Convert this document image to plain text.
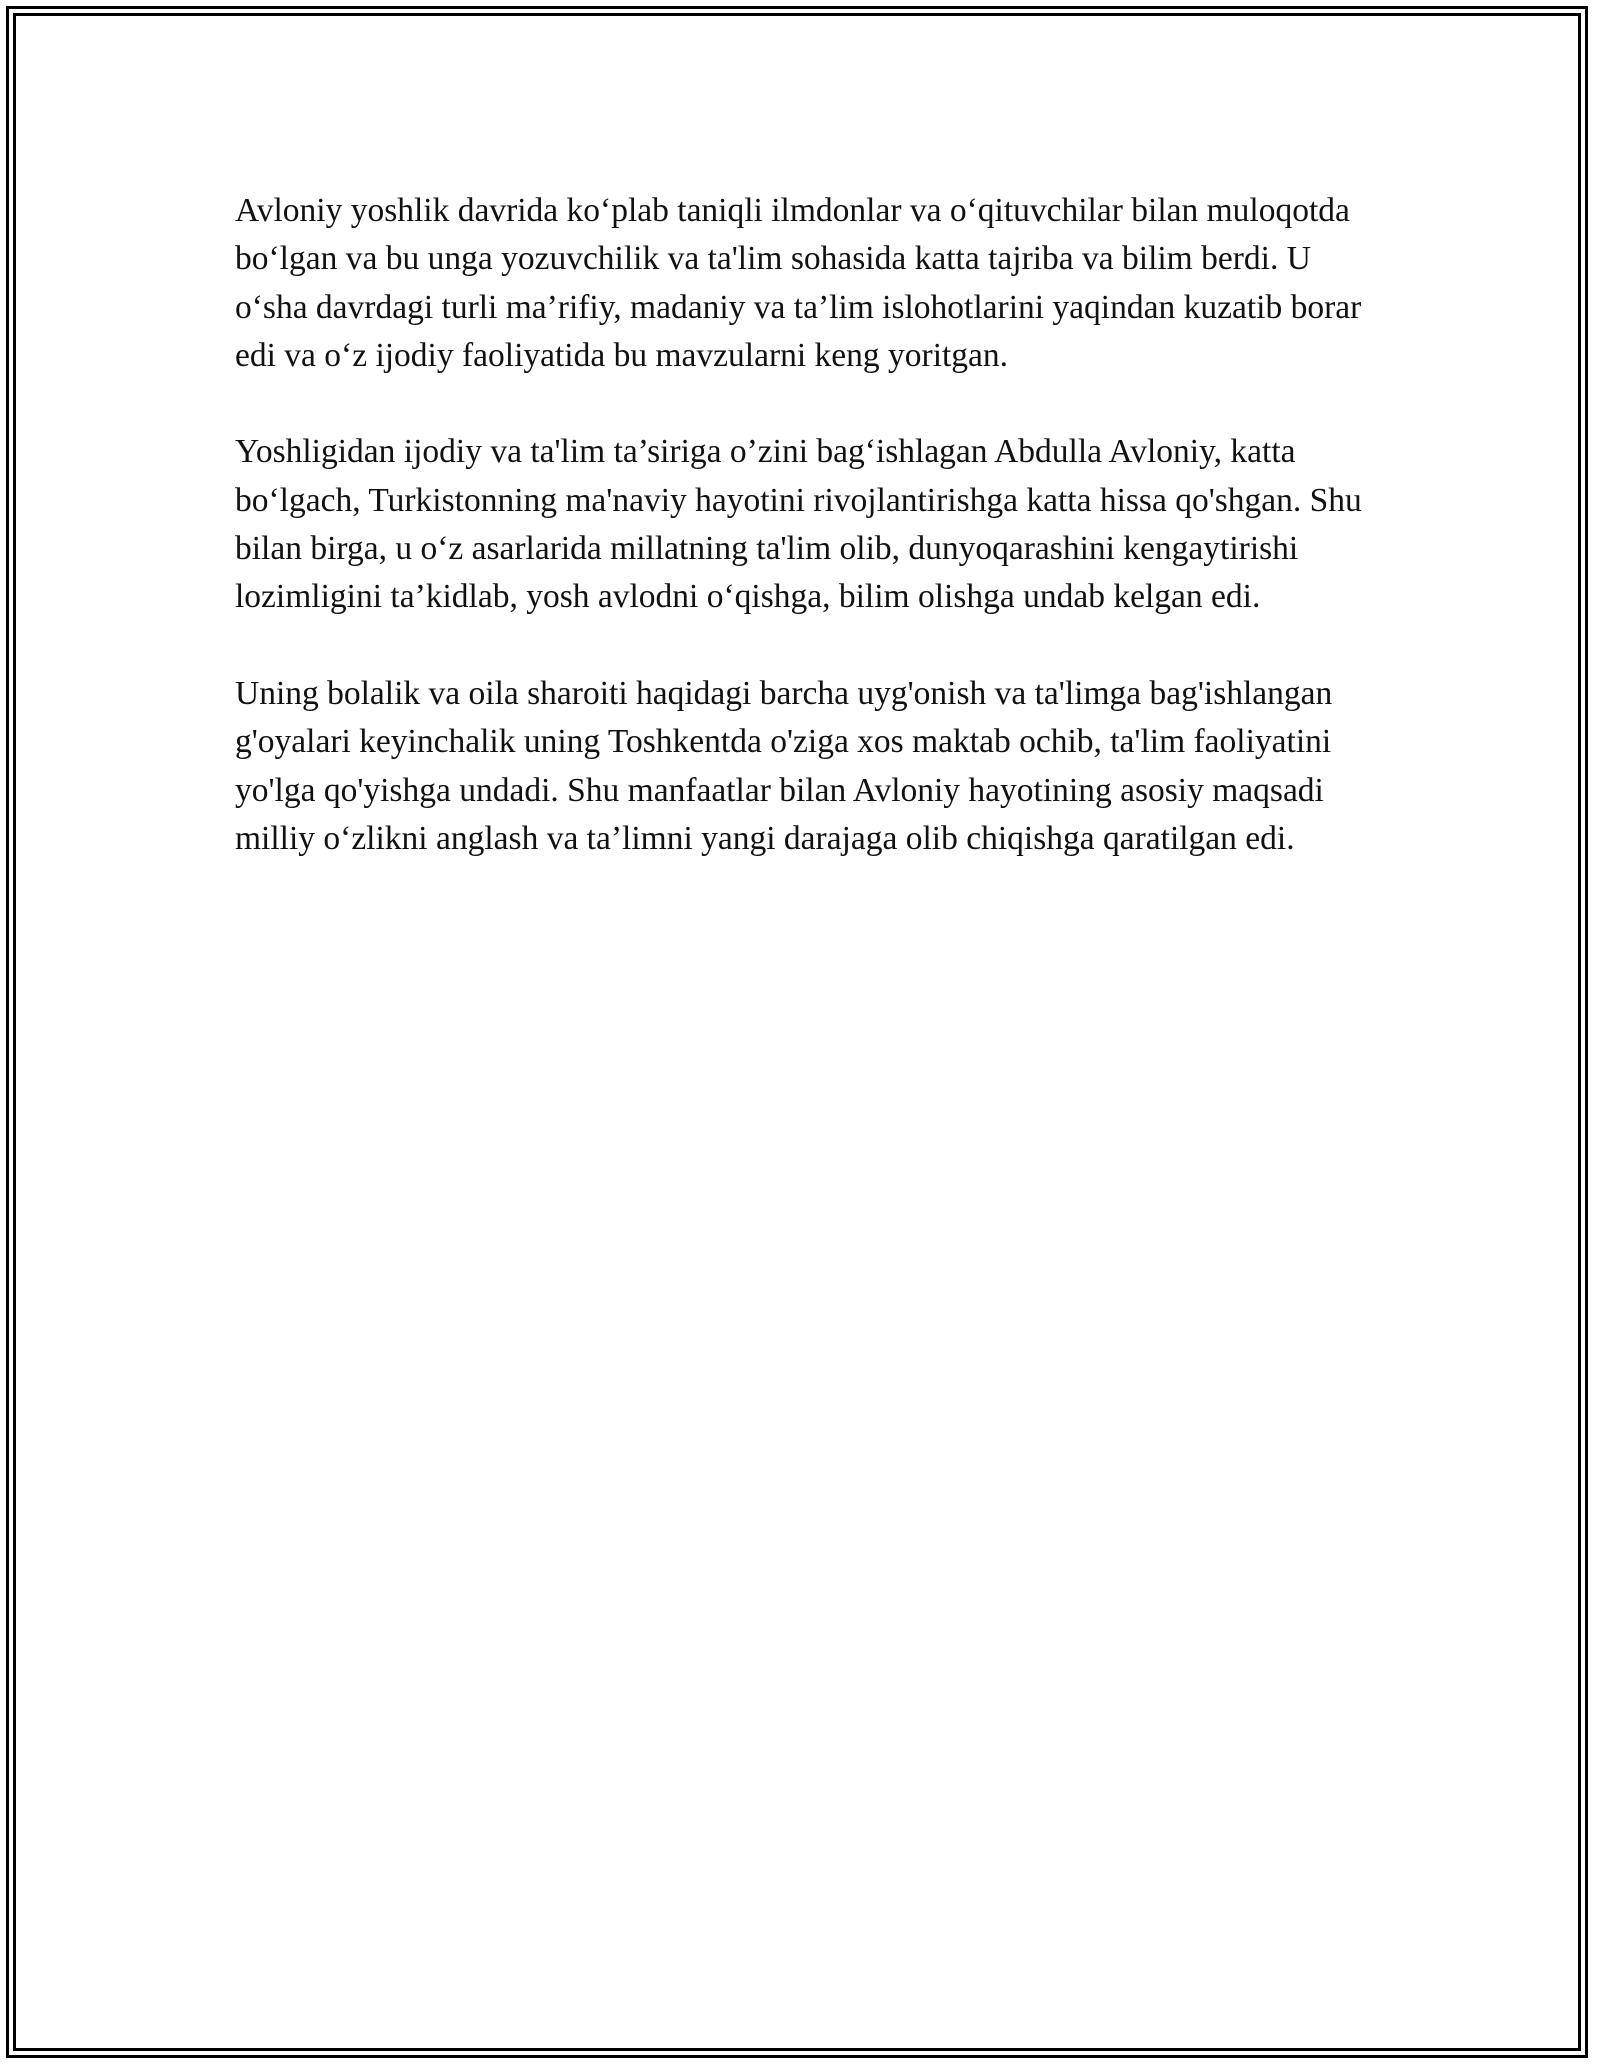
Avloniy yoshlik davrida ko‘plab taniqli ilmdonlar va o‘qituvchilar bilan muloqotda bo‘lgan va bu unga yozuvchilik va ta'lim sohasida katta tajriba va bilim berdi. U o‘sha davrdagi turli ma’rifiy, madaniy va ta’lim islohotlarini yaqindan kuzatib borar edi va o‘z ijodiy faoliyatida bu mavzularni keng yoritgan.

Yoshligidan ijodiy va ta'lim ta’siriga o’zini bag‘ishlagan Abdulla Avloniy, katta bo‘lgach, Turkistonning ma'naviy hayotini rivojlantirishga katta hissa qo'shgan. Shu bilan birga, u o‘z asarlarida millatning ta'lim olib, dunyoqarashini kengaytirishi lozimligini ta’kidlab, yosh avlodni o‘qishga, bilim olishga undab kelgan edi.

Uning bolalik va oila sharoiti haqidagi barcha uyg'onish va ta'limga bag'ishlangan g'oyalari keyinchalik uning Toshkentda o'ziga xos maktab ochib, ta'lim faoliyatini yo'lga qo'yishga undadi. Shu manfaatlar bilan Avloniy hayotining asosiy maqsadi milliy o‘zlikni anglash va ta’limni yangi darajaga olib chiqishga qaratilgan edi.
